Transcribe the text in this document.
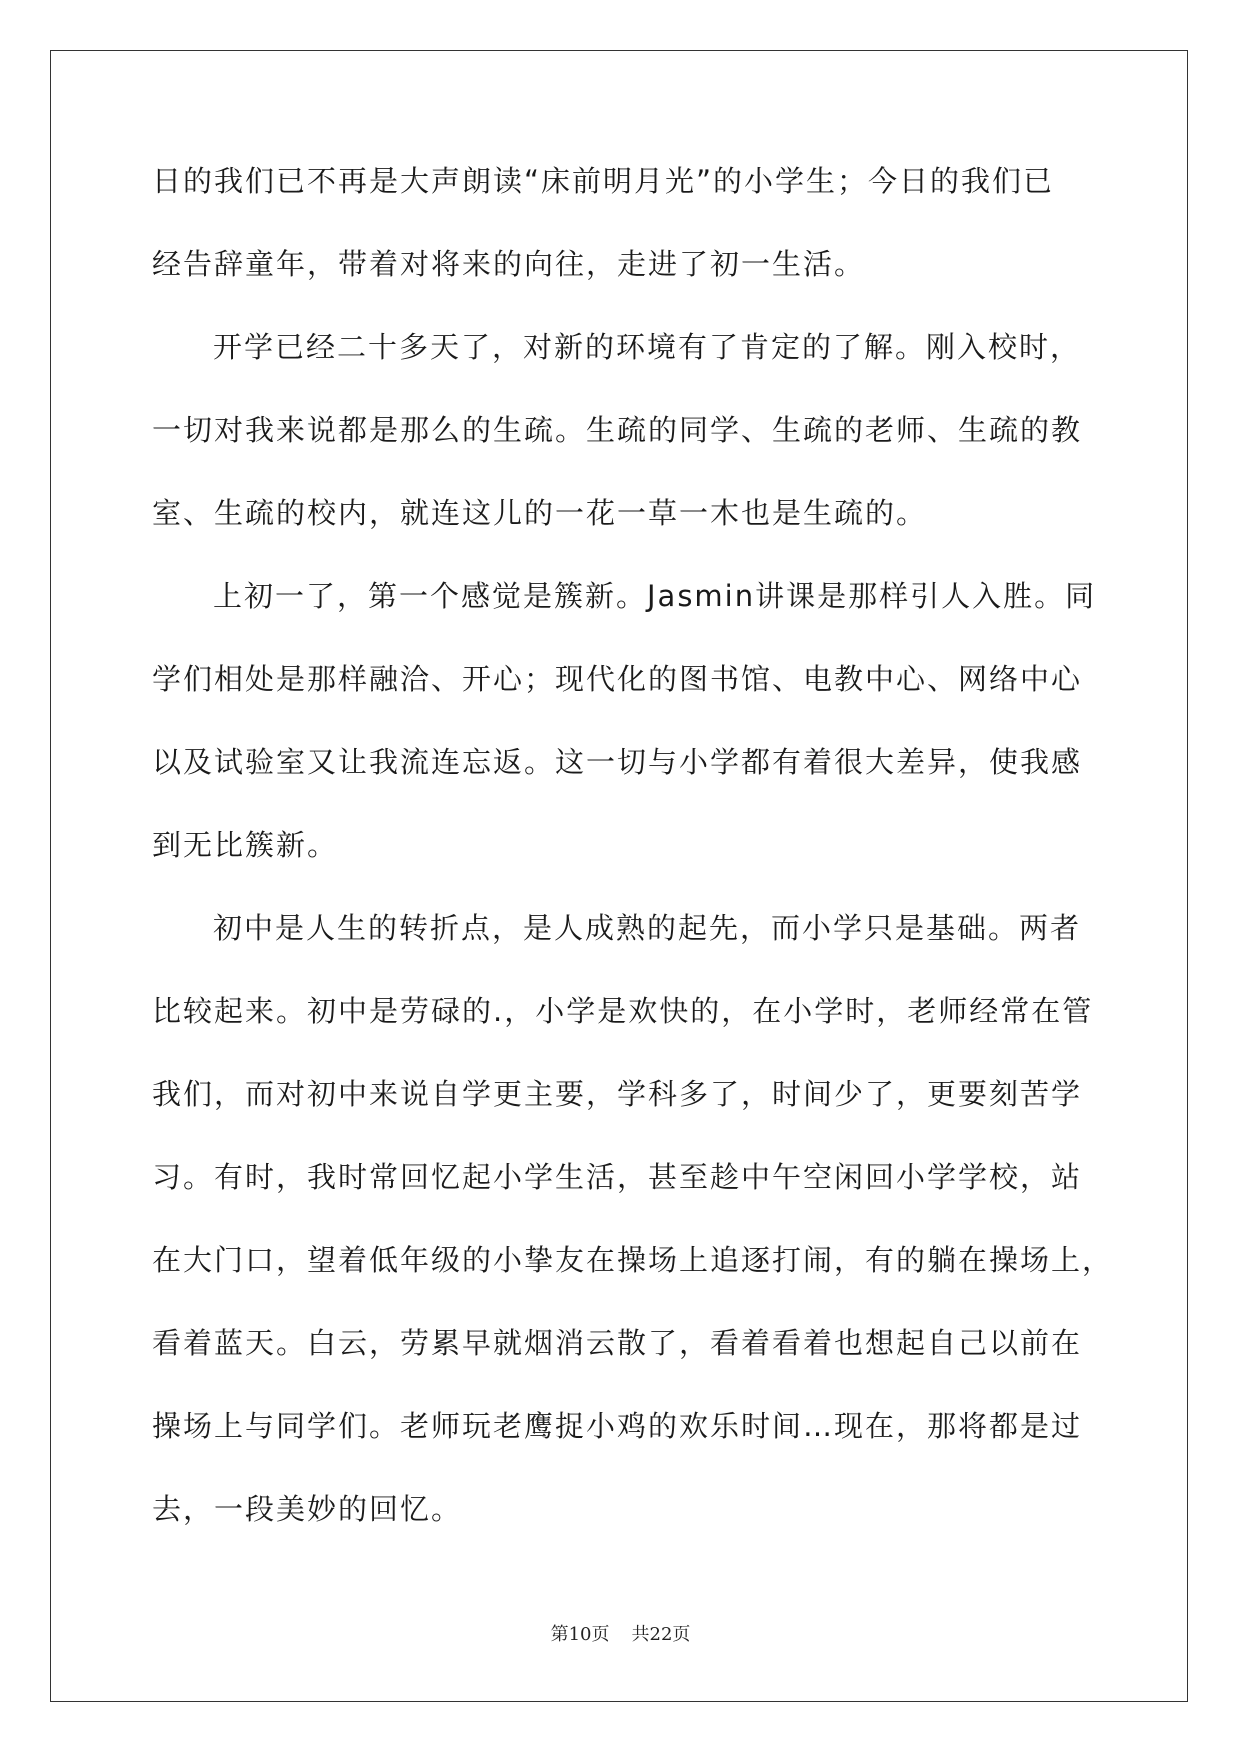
日的我们已不再是大声朗读“床前明月光”的小学生；今日的我们已
经告辞童年，带着对将来的向往，走进了初一生活。
开学已经二十多天了，对新的环境有了肯定的了解。刚入校时，
一切对我来说都是那么的生疏。生疏的同学、生疏的老师、生疏的教
室、生疏的校内，就连这儿的一花一草一木也是生疏的。
上初一了，第一个感觉是簇新。Jasmin讲课是那样引人入胜。同
学们相处是那样融洽、开心；现代化的图书馆、电教中心、网络中心
以及试验室又让我流连忘返。这一切与小学都有着很大差异，使我感
到无比簇新。
初中是人生的转折点，是人成熟的起先，而小学只是基础。两者
比较起来。初中是劳碌的.，小学是欢快的，在小学时，老师经常在管
我们，而对初中来说自学更主要，学科多了，时间少了，更要刻苦学
习。有时，我时常回忆起小学生活，甚至趁中午空闲回小学学校，站
在大门口，望着低年级的小挚友在操场上追逐打闹，有的躺在操场上，
看着蓝天。白云，劳累早就烟消云散了，看着看着也想起自己以前在
操场上与同学们。老师玩老鹰捉小鸡的欢乐时间…现在，那将都是过
去，一段美妙的回忆。
第10页 共22页
